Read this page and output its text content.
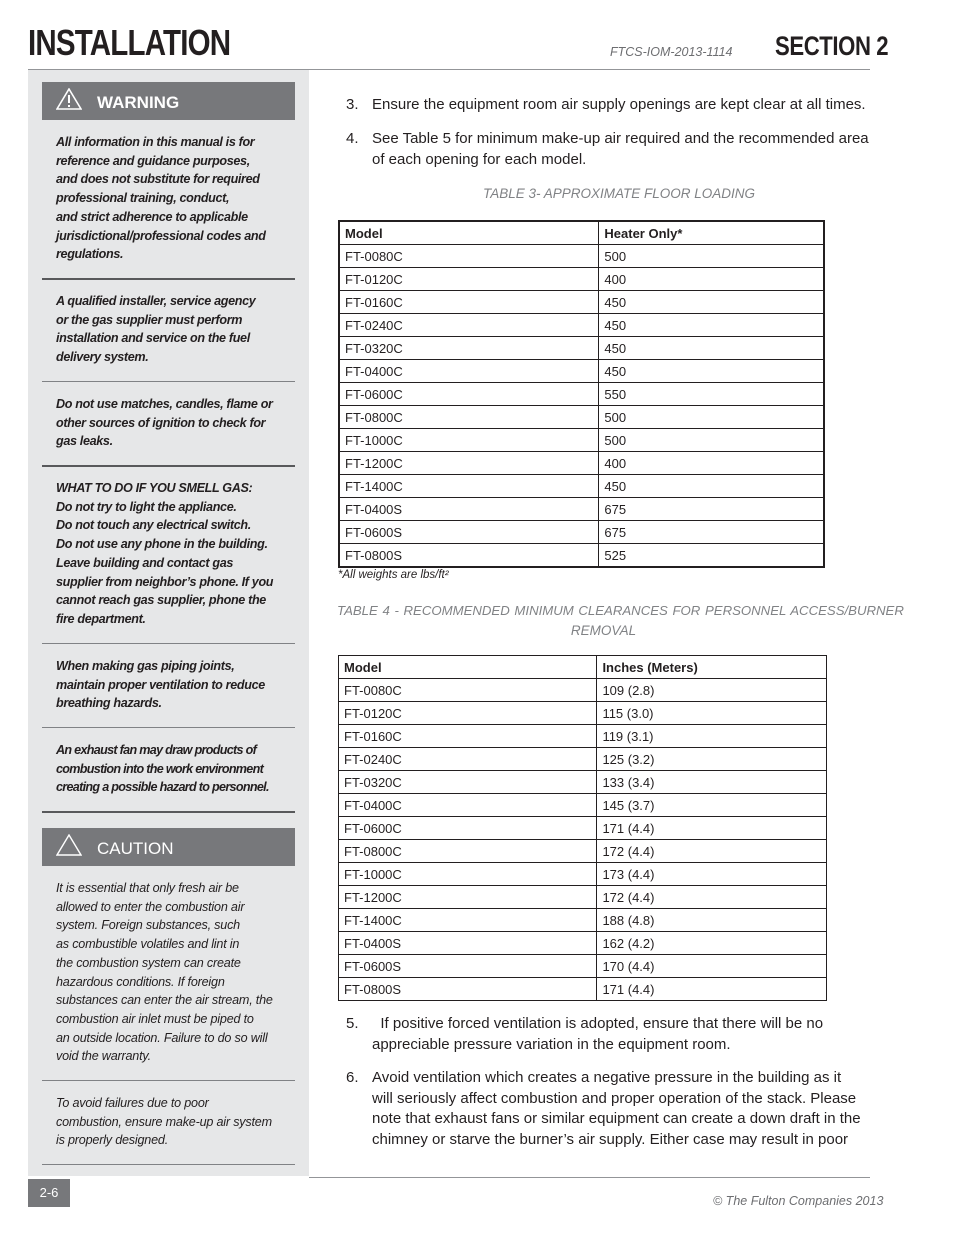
INSTALLATION	FTCS-IOM-2013-1114 SECTION 2
WARNING
All information in this manual is for
reference and guidance purposes,
and does not substitute for required
professional training, conduct,
and strict adherence to applicable
jurisdictional/professional codes and
regulations.
A qualified installer, service agency
or the gas supplier must perform
installation and service on the fuel
delivery system.
Do not use matches, candles, flame or
other sources of ignition to check for
gas leaks.
WHAT TO DO IF YOU SMELL GAS:
Do not try to light the appliance.
Do not touch any electrical switch.
Do not use any phone in the building.
Leave building and contact gas
supplier from neighbor’s phone. If you
cannot reach gas supplier, phone the
fire department.
When making gas piping joints,
maintain proper ventilation to reduce
breathing hazards.
An exhaust fan may draw products of
combustion into the work environment
creating a possible hazard to personnel.
CAUTION
It is essential that only fresh air be
allowed to enter the combustion air
system. Foreign substances, such
as combustible volatiles and lint in
the combustion system can create
hazardous conditions. If foreign
substances can enter the air stream, the
combustion air inlet must be piped to
an outside location. Failure to do so will
void the warranty.
To avoid failures due to poor
combustion, ensure make-up air system
is properly designed.
3. Ensure the equipment room air supply openings are kept clear at all times.
4. See Table 5 for minimum make-up air required and the recommended area
of each opening for each model.
TABLE 3- APPROXIMATE FLOOR LOADING
Model	Heater Only*
FT-0080C	500
FT-0120C	400
FT-0160C	450
FT-0240C	450
FT-0320C	450
FT-0400C	450
FT-0600C	550
FT-0800C	500
FT-1000C	500
FT-1200C	400
FT-1400C	450
FT-0400S	675
FT-0600S	675
FT-0800S	525
*All weights are lbs/ft²
TABLE 4 - RECOMMENDED MINIMUM CLEARANCES FOR PERSONNEL ACCESS/BURNER
REMOVAL
Model	Inches (Meters)
FT-0080C	109 (2.8)
FT-0120C	115 (3.0)
FT-0160C	119 (3.1)
FT-0240C	125 (3.2)
FT-0320C	133 (3.4)
FT-0400C	145 (3.7)
FT-0600C	171 (4.4)
FT-0800C	172 (4.4)
FT-1000C	173 (4.4)
FT-1200C	172 (4.4)
FT-1400C	188 (4.8)
FT-0400S	162 (4.2)
FT-0600S	170 (4.4)
FT-0800S	171 (4.4)
5. If positive forced ventilation is adopted, ensure that there will be no
appreciable pressure variation in the equipment room.
6. Avoid ventilation which creates a negative pressure in the building as it
will seriously affect combustion and proper operation of the stack. Please
note that exhaust fans or similar equipment can create a down draft in the
chimney or starve the burner’s air supply. Either case may result in poor
2-6
© The Fulton Companies 2013
